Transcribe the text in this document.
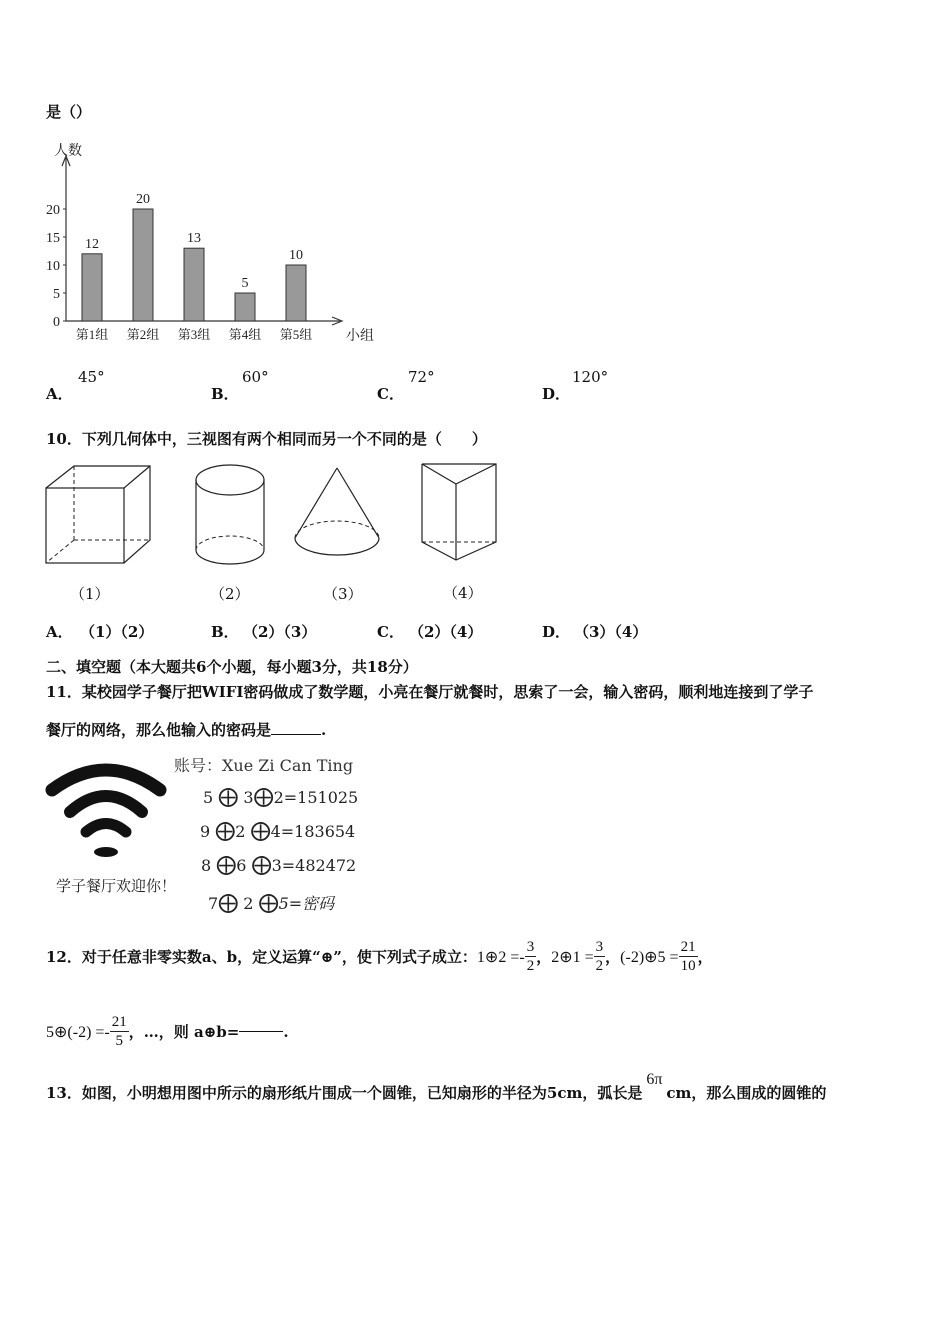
是（）
人数
小组
0
5
10
15
20
12
第1组
20
第2组
13
第3组
5
第4组
10
第5组
A．
45°
B．
60°
C．
72°
D．
120°
10．下列几何体中，三视图有两个相同而另一个不同的是（　　）
（1）	（2）	（3）	（4）
A． （1）（2）	B． （2）（3）	C． （2）（4）	D． （3）（4）
二、填空题（本大题共6个小题，每小题3分，共18分）
11．某校园学子餐厅把WIFI密码做成了数学题，小亮在餐厅就餐时，思索了一会，输入密码，顺利地连接到了学子
餐厅的网络，那么他输入的密码是	.
学子餐厅欢迎你！
账号：Xue Zi Can Ting
5 ⨁ 3⨁2=151025
9 ⨁2 ⨁4=183654
8 ⨁6 ⨁3=482472
7⨁ 2 ⨁5=密码
12．对于任意非零实数a、b，定义运算“⊕”，使下列式子成立： 1⊕2 =- $\frac{3}{2}$ ， 2⊕1 = $\frac{3}{2}$ ， (-2)⊕5 = $\frac{21}{10}$ ，
5⊕(-2) =- $\frac{21}{5}$ ，…，则 a⊕b=	.
13．如图，小明想用图中所示的扇形纸片围成一个圆锥，已知扇形的半径为5cm，弧长是6πcm，那么围成的圆锥的
